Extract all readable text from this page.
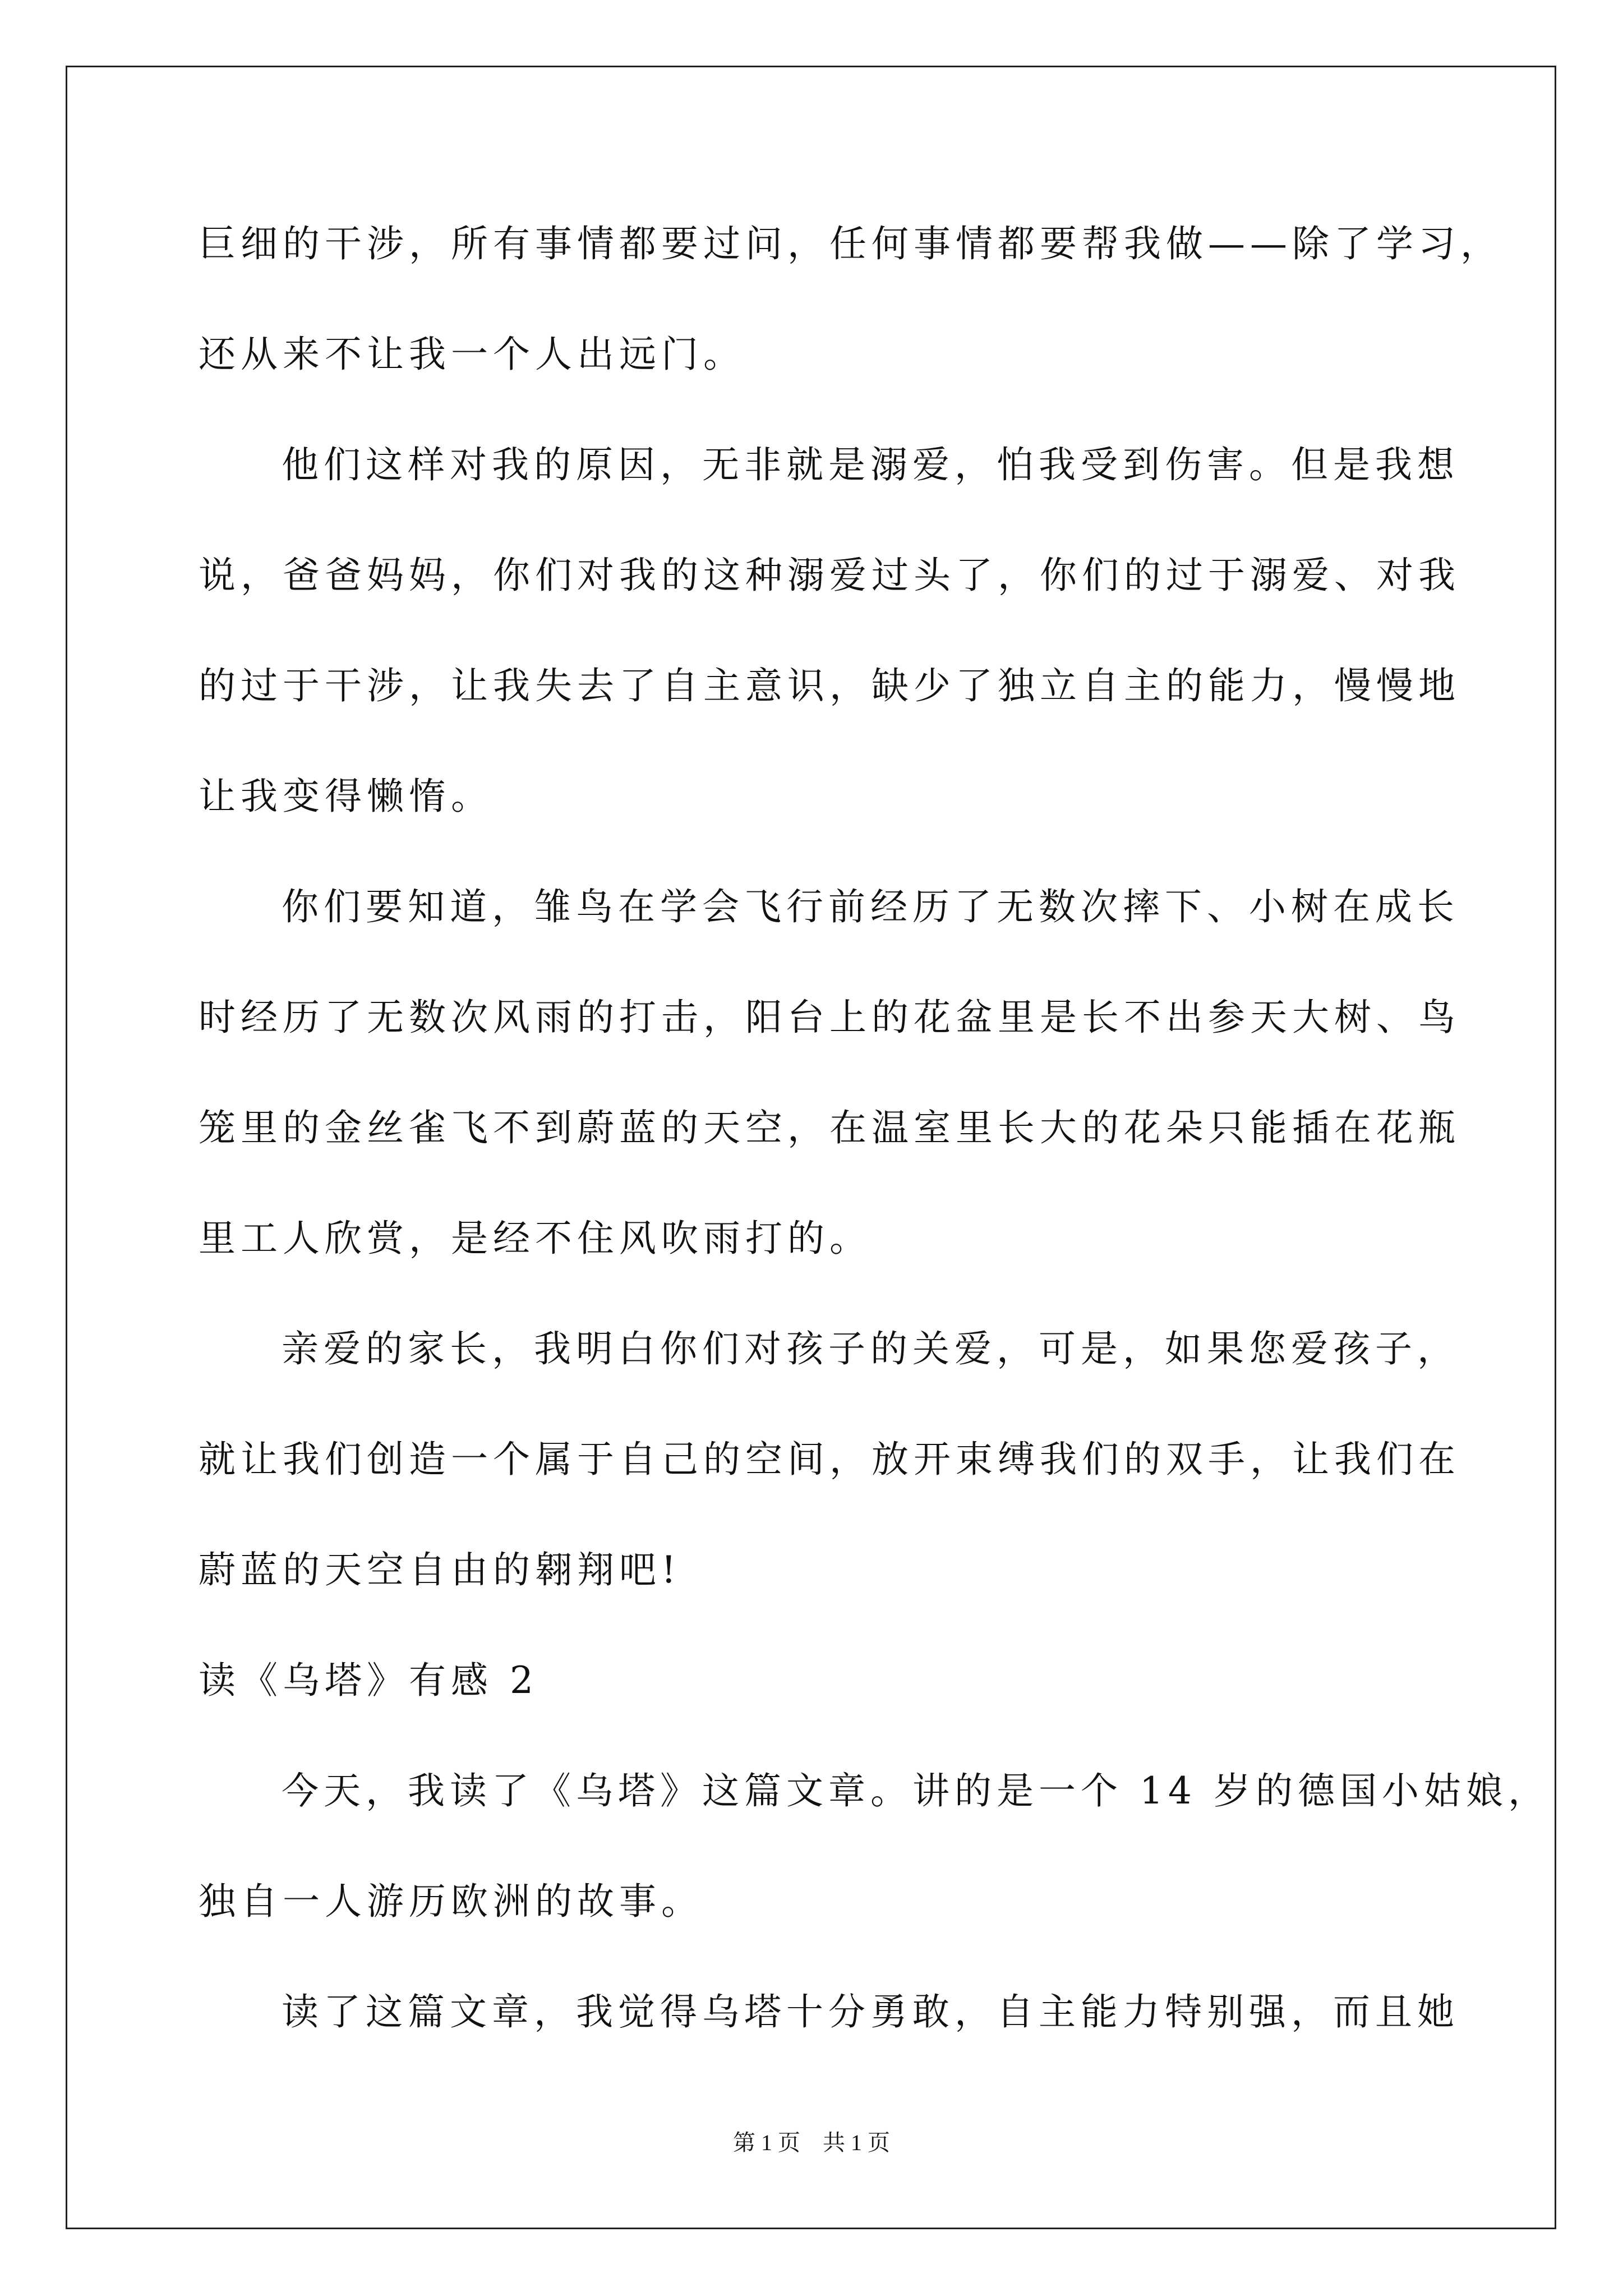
巨细的干涉，所有事情都要过问，任何事情都要帮我做——除了学习，
还从来不让我一个人出远门。
他们这样对我的原因，无非就是溺爱，怕我受到伤害。但是我想
说，爸爸妈妈，你们对我的这种溺爱过头了，你们的过于溺爱、对我
的过于干涉，让我失去了自主意识，缺少了独立自主的能力，慢慢地
让我变得懒惰。
你们要知道，雏鸟在学会飞行前经历了无数次摔下、小树在成长
时经历了无数次风雨的打击，阳台上的花盆里是长不出参天大树、鸟
笼里的金丝雀飞不到蔚蓝的天空，在温室里长大的花朵只能插在花瓶
里工人欣赏，是经不住风吹雨打的。
亲爱的家长，我明白你们对孩子的关爱，可是，如果您爱孩子，
就让我们创造一个属于自己的空间，放开束缚我们的双手，让我们在
蔚蓝的天空自由的翱翔吧!
读《乌塔》有感 2
今天，我读了《乌塔》这篇文章。讲的是一个 14 岁的德国小姑娘，
独自一人游历欧洲的故事。
读了这篇文章，我觉得乌塔十分勇敢，自主能力特别强，而且她
第 1 页　共 1 页
